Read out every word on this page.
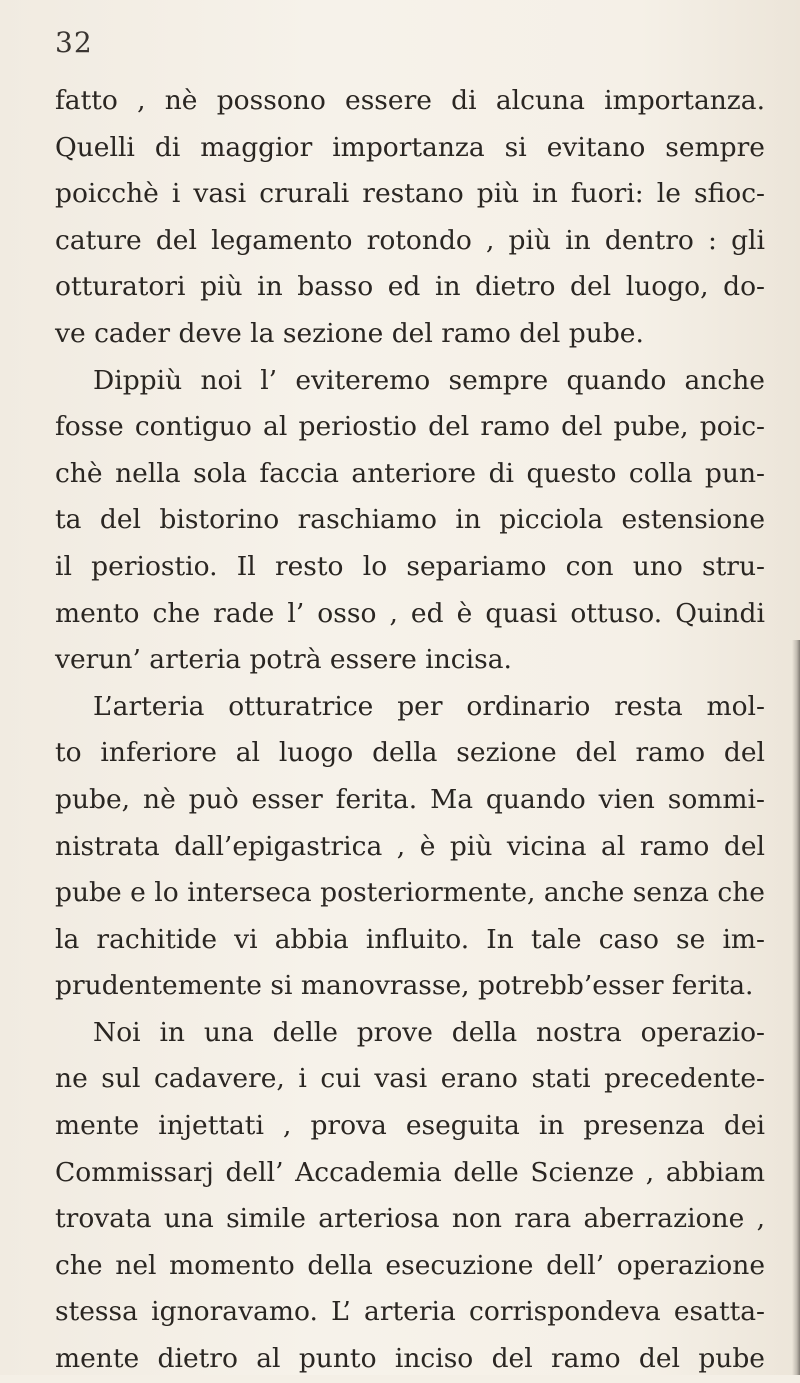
32
fatto , nè possono essere di alcuna importanza.
Quelli di maggior importanza si evitano sempre
poicchè i vasi crurali restano più in fuori: le sfioc-
cature del legamento rotondo , più in dentro : gli
otturatori più in basso ed in dietro del luogo, do-
ve cader deve la sezione del ramo del pube.
Dippiù noi l’ eviteremo sempre quando anche
fosse contiguo al periostio del ramo del pube, poic-
chè nella sola faccia anteriore di questo colla pun-
ta del bistorino raschiamo in picciola estensione
il periostio. Il resto lo separiamo con uno stru-
mento che rade l’ osso , ed è quasi ottuso. Quindi
verun’ arteria potrà essere incisa.
L’arteria otturatrice per ordinario resta mol-
to inferiore al luogo della sezione del ramo del
pube, nè può esser ferita. Ma quando vien sommi-
nistrata dall’epigastrica , è più vicina al ramo del
pube e lo interseca posteriormente, anche senza che
la rachitide vi abbia influito. In tale caso se im-
prudentemente si manovrasse, potrebb’esser ferita.
Noi in una delle prove della nostra operazio-
ne sul cadavere, i cui vasi erano stati precedente-
mente injettati , prova eseguita in presenza dei
Commissarj dell’ Accademia delle Scienze , abbiam
trovata una simile arteriosa non rara aberrazione ,
che nel momento della esecuzione dell’ operazione
stessa ignoravamo. L’ arteria corrispondeva esatta-
mente dietro al punto inciso del ramo del pube
